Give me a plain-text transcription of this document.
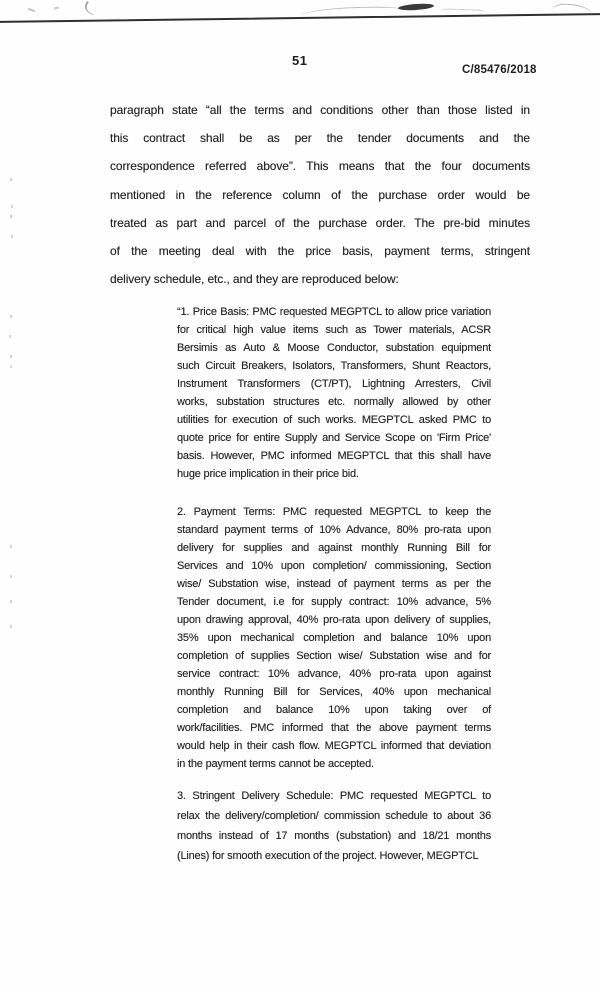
51
C/85476/2018
paragraph state “all the terms and conditions other than those listed in
this contract shall be as per the tender documents and the
correspondence referred above”. This means that the four documents
mentioned in the reference column of the purchase order would be
treated as part and parcel of the purchase order. The pre-bid minutes
of the meeting deal with the price basis, payment terms, stringent
delivery schedule, etc., and they are reproduced below:
“1. Price Basis: PMC requested MEGPTCL to allow price variation
for critical high value items such as Tower materials, ACSR
Bersimis as Auto & Moose Conductor, substation equipment
such Circuit Breakers, Isolators, Transformers, Shunt Reactors,
Instrument Transformers (CT/PT), Lightning Arresters, Civil
works, substation structures etc. normally allowed by other
utilities for execution of such works. MEGPTCL asked PMC to
quote price for entire Supply and Service Scope on 'Firm Price'
basis. However, PMC informed MEGPTCL that this shall have
huge price implication in their price bid.
2. Payment Terms: PMC requested MEGPTCL to keep the
standard payment terms of 10% Advance, 80% pro-rata upon
delivery for supplies and against monthly Running Bill for
Services and 10% upon completion/ commissioning, Section
wise/ Substation wise, instead of payment terms as per the
Tender document, i.e for supply contract: 10% advance, 5%
upon drawing approval, 40% pro-rata upon delivery of supplies,
35% upon mechanical completion and balance 10% upon
completion of supplies Section wise/ Substation wise and for
service contract: 10% advance, 40% pro-rata upon against
monthly Running Bill for Services, 40% upon mechanical
completion and balance 10% upon taking over of
work/facilities. PMC informed that the above payment terms
would help in their cash flow. MEGPTCL informed that deviation
in the payment terms cannot be accepted.
3. Stringent Delivery Schedule: PMC requested MEGPTCL to
relax the delivery/completion/ commission schedule to about 36
months instead of 17 months (substation) and 18/21 months
(Lines) for smooth execution of the project. However, MEGPTCL
